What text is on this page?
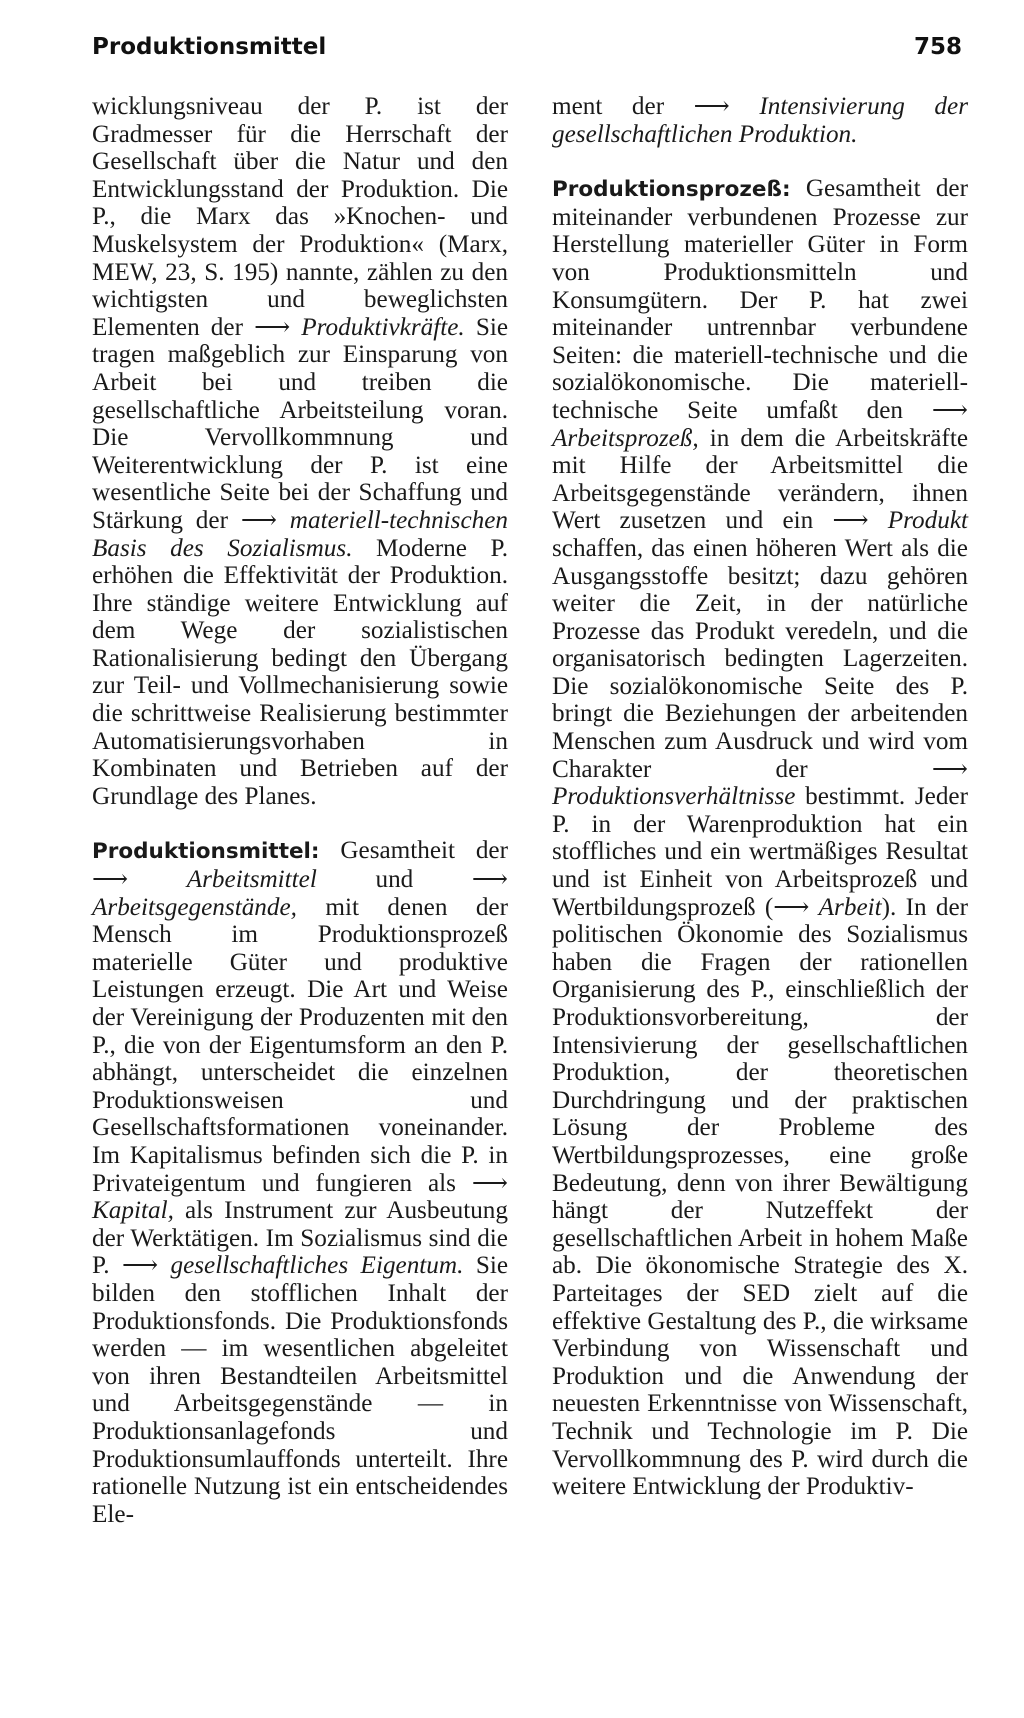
Produktionsmittel	758

wicklungsniveau der P. ist der Gradmesser für die Herrschaft der Gesellschaft über die Natur und den Entwicklungsstand der Produktion. Die P., die Marx das »Knochen- und Muskelsystem der Produktion« (Marx, MEW, 23, S. 195) nannte, zählen zu den wichtigsten und beweglichsten Elementen der ⟶ Produktivkräfte. Sie tragen maßgeblich zur Einsparung von Arbeit bei und treiben die gesellschaftliche Arbeitsteilung voran. Die Vervollkommnung und Weiterentwicklung der P. ist eine wesentliche Seite bei der Schaffung und Stärkung der ⟶ materiell-technischen Basis des Sozialismus. Moderne P. erhöhen die Effektivität der Produktion. Ihre ständige weitere Entwicklung auf dem Wege der sozialistischen Rationalisierung bedingt den Übergang zur Teil- und Vollmechanisierung sowie die schrittweise Realisierung bestimmter Automatisierungsvorhaben in Kombinaten und Betrieben auf der Grundlage des Planes.

Produktionsmittel: Gesamtheit der ⟶ Arbeitsmittel und ⟶ Arbeitsgegenstände, mit denen der Mensch im Produktionsprozeß materielle Güter und produktive Leistungen erzeugt. Die Art und Weise der Vereinigung der Produzenten mit den P., die von der Eigentumsform an den P. abhängt, unterscheidet die einzelnen Produktionsweisen und Gesellschaftsformationen voneinander. Im Kapitalismus befinden sich die P. in Privateigentum und fungieren als ⟶ Kapital, als Instrument zur Ausbeutung der Werktätigen. Im Sozialismus sind die P. ⟶ gesellschaftliches Eigentum. Sie bilden den stofflichen Inhalt der Produktionsfonds. Die Produktionsfonds werden — im wesentlichen abgeleitet von ihren Bestandteilen Arbeitsmittel und Arbeitsgegenstände — in Produktionsanlagefonds und Produktionsumlauffonds unterteilt. Ihre rationelle Nutzung ist ein entscheidendes Ele-

ment der ⟶ Intensivierung der gesellschaftlichen Produktion.

Produktionsprozeß: Gesamtheit der miteinander verbundenen Prozesse zur Herstellung materieller Güter in Form von Produktionsmitteln und Konsumgütern. Der P. hat zwei miteinander untrennbar verbundene Seiten: die materiell-technische und die sozialökonomische. Die materiell-technische Seite umfaßt den ⟶ Arbeitsprozeß, in dem die Arbeitskräfte mit Hilfe der Arbeitsmittel die Arbeitsgegenstände verändern, ihnen Wert zusetzen und ein ⟶ Produkt schaffen, das einen höheren Wert als die Ausgangsstoffe besitzt; dazu gehören weiter die Zeit, in der natürliche Prozesse das Produkt veredeln, und die organisatorisch bedingten Lagerzeiten. Die sozialökonomische Seite des P. bringt die Beziehungen der arbeitenden Menschen zum Ausdruck und wird vom Charakter der ⟶ Produktionsverhältnisse bestimmt. Jeder P. in der Warenproduktion hat ein stoffliches und ein wertmäßiges Resultat und ist Einheit von Arbeitsprozeß und Wertbildungsprozeß (⟶ Arbeit). In der politischen Ökonomie des Sozialismus haben die Fragen der rationellen Organisierung des P., einschließlich der Produktionsvorbereitung, der Intensivierung der gesellschaftlichen Produktion, der theoretischen Durchdringung und der praktischen Lösung der Probleme des Wertbildungsprozesses, eine große Bedeutung, denn von ihrer Bewältigung hängt der Nutzeffekt der gesellschaftlichen Arbeit in hohem Maße ab. Die ökonomische Strategie des X. Parteitages der SED zielt auf die effektive Gestaltung des P., die wirksame Verbindung von Wissenschaft und Produktion und die Anwendung der neuesten Erkenntnisse von Wissenschaft, Technik und Technologie im P. Die Vervollkommnung des P. wird durch die weitere Entwicklung der Produktiv-
